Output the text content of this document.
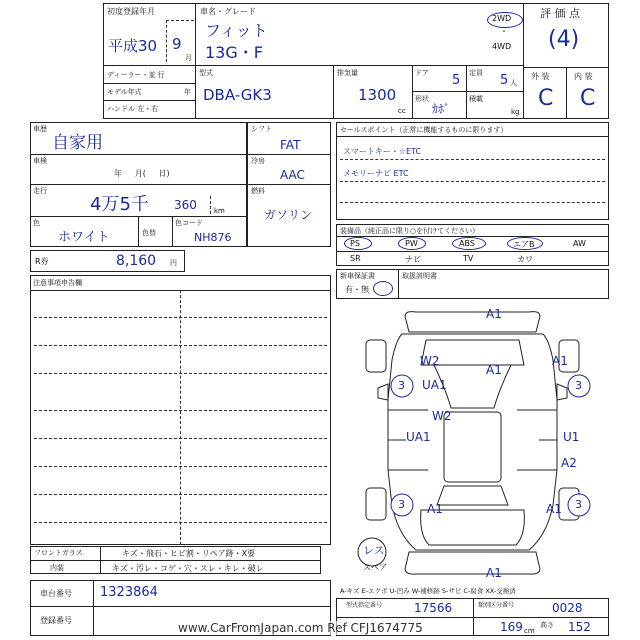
初度登録年月
平成30 9
月
車名・グレード
フィット
13G・F
2WD
・
4WD
評 価 点
(4)
ディーラー・並 行
モデル年式	年
ハンドル 左・右
型式
DBA-GK3
排気量
1300
cc
ドア 5 定員 5 人
形状
ｶﾎﾞ
積載
kg
外 装	内 装
C C
車歴
自家用
車検
年     月(     日)
走行
4万5千 360 km
色
ホワイト	色替
色コード
NH876
シフト
FAT
冷房
AAC
燃料
ガソリン
R券	8,160 円
注意事項申告欄
セールスポイント（正常に機能するものに限ります）
スマートキー・☆ETC
メモリーナビ ETC
装備品（純正品に限り○を付けてください）
PS	PW	ABS	エアB	AW
SR	ナビ	TV	カワ
新車保証書
有・無
取扱説明書
A1
W2
A1
A1
3 UA1	3
W2
UA1	U1
A2
3 A1	A1 3
A1
レス
スペア
A-キズ E-エクボ U-凹み W-補修跡 S-サビ C-腐食 XX-交換済
フロントガラス	キズ・飛石・ヒビ割・リペア跡・X要
内装	キズ・汚レ・コゲ・穴・スレ・キレ・破レ
車台番号 1323864
登録番号
型式指定番号	17566	類別区分番号	0028
169 cm
高さ 152
www.CarFromJapan.com Ref CFJ1674775
